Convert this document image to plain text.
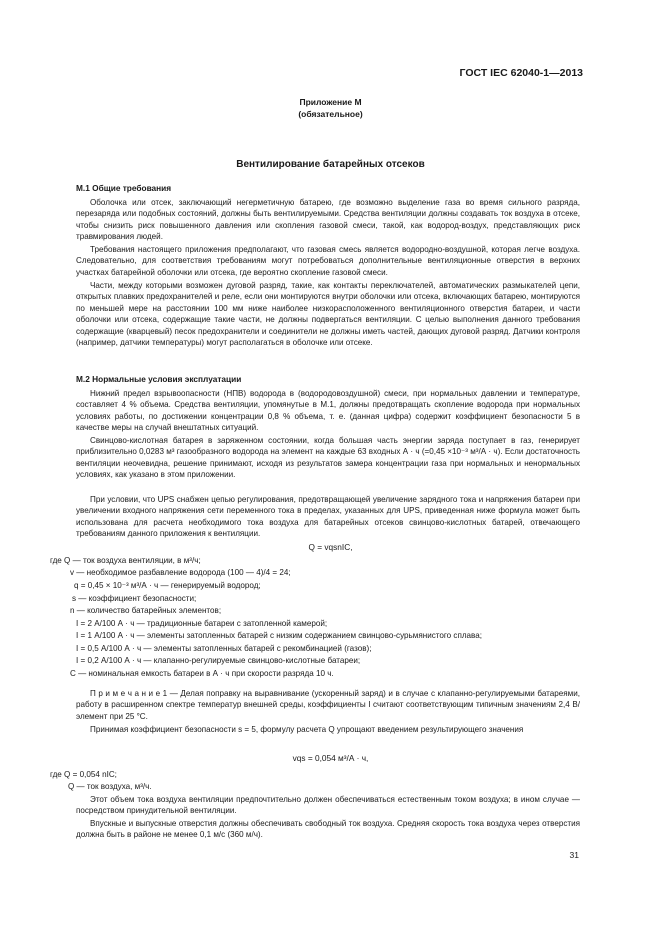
ГОСТ IEC 62040-1—2013
Приложение М
(обязательное)
Вентилирование батарейных отсеков
М.1 Общие требования
Оболочка или отсек, заключающий негерметичную батарею, где возможно выделение газа во время сильного разряда, перезаряда или подобных состояний, должны быть вентилируемыми. Средства вентиляции должны создавать ток воздуха в отсеке, чтобы снизить риск повышенного давления или скопления газовой смеси, такой, как водород-воздух, представляющих риск травмирования людей.
Требования настоящего приложения предполагают, что газовая смесь является водородно-воздушной, которая легче воздуха. Следовательно, для соответствия требованиям могут потребоваться дополнительные вентиляционные отверстия в верхних участках батарейной оболочки или отсека, где вероятно скопление газовой смеси.
Части, между которыми возможен дуговой разряд, такие, как контакты переключателей, автоматических размыкателей цепи, открытых плавких предохранителей и реле, если они монтируются внутри оболочки или отсека, включающих батарею, монтируются по меньшей мере на расстоянии 100 мм ниже наиболее низкорасположенного вентиляционного отверстия батареи, и части оболочки или отсека, содержащие такие части, не должны подвергаться вентиляции. С целью выполнения данного требования содержащие (кварцевый) песок предохранители и соединители не должны иметь частей, дающих дуговой разряд. Датчики контроля (например, датчики температуры) могут располагаться в оболочке или отсеке.
М.2 Нормальные условия эксплуатации
Нижний предел взрывоопасности (НПВ) водорода в (водородовоздушной) смеси, при нормальных давлении и температуре, составляет 4 % объема. Средства вентиляции, упомянутые в М.1, должны предотвращать скопление водорода при нормальных условиях работы, по достижении концентрации 0,8 % объема, т. е. (данная цифра) содержит коэффициент безопасности 5 в качестве меры на случай внештатных ситуаций.
Свинцово-кислотная батарея в заряженном состоянии, когда большая часть энергии заряда поступает в газ, генерирует приблизительно 0,0283 м³ газообразного водорода на элемент на каждые 63 входных А · ч (=0,45 ×10⁻³ м³/А · ч). Если достаточность вентиляции неочевидна, решение принимают, исходя из результатов замера концентрации газа при нормальных и ненормальных условиях, как указано в этом приложении.
При условии, что UPS снабжен цепью регулирования, предотвращающей увеличение зарядного тока и напряжения батареи при увеличении входного напряжения сети переменного тока в пределах, указанных для UPS, приведенная ниже формула может быть использована для расчета необходимого тока воздуха для батарейных отсеков свинцово-кислотных батарей, отвечающего требованиям данного приложения к вентиляции.
Q = vqsnIC,
где Q — ток воздуха вентиляции, в м³/ч;
v — необходимое разбавление водорода (100 — 4)/4 = 24;
q = 0,45 × 10⁻³ м³/А · ч — генерируемый водород;
s — коэффициент безопасности;
n — количество батарейных элементов;
I = 2 А/100 А · ч — традиционные батареи с затопленной камерой;
I = 1 А/100 А · ч — элементы затопленных батарей с низким содержанием свинцово-сурьмянистого сплава;
I = 0,5 А/100 А · ч — элементы затопленных батарей с рекомбинацией (газов);
I = 0,2 А/100 А · ч — клапанно-регулируемые свинцово-кислотные батареи;
C — номинальная емкость батареи в А · ч при скорости разряда 10 ч.
П р и м е ч а н и е 1 — Делая поправку на выравнивание (ускоренный заряд) и в случае с клапанно-регулируемыми батареями, работу в расширенном спектре температур внешней среды, коэффициенты I считают соответствующим типичным значениям 2,4 В/элемент при 25 °С.
Принимая коэффициент безопасности s = 5, формулу расчета Q упрощают введением результирующего значения
vqs = 0,054 м³/А · ч,
где Q = 0,054 nIC;
Q — ток воздуха, м³/ч.
Этот объем тока воздуха вентиляции предпочтительно должен обеспечиваться естественным током воздуха; в ином случае — посредством принудительной вентиляции.
Впускные и выпускные отверстия должны обеспечивать свободный ток воздуха. Средняя скорость тока воздуха через отверстия должна быть в районе не менее 0,1 м/с (360 м/ч).
31
